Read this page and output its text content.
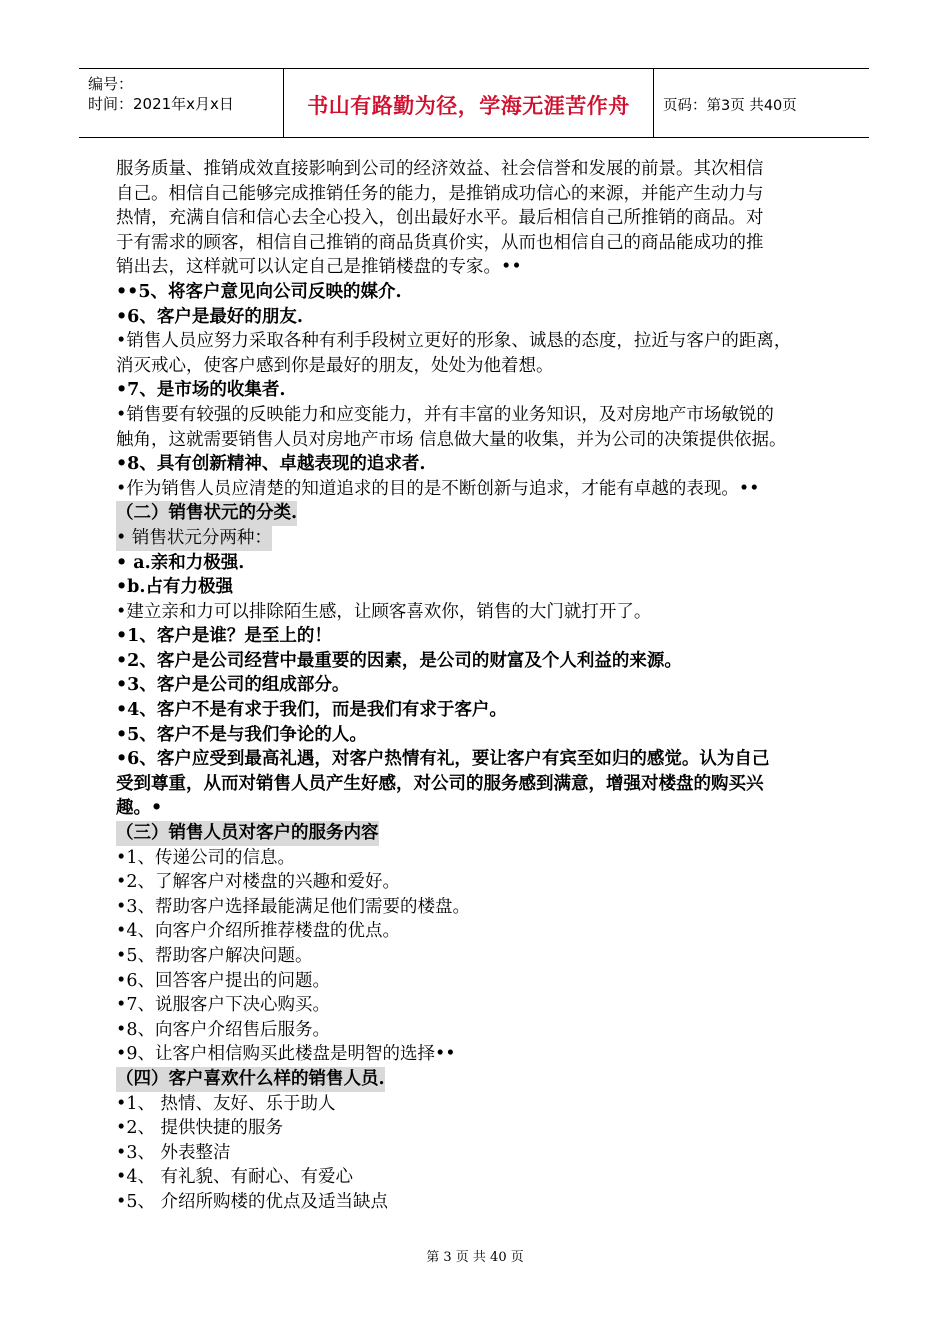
编号：
时间：2021年x月x日	书山有路勤为径，学海无涯苦作舟	页码：第3页 共40页
服务质量、推销成效直接影响到公司的经济效益、社会信誉和发展的前景。其次相信
自己。相信自己能够完成推销任务的能力，是推销成功信心的来源，并能产生动力与
热情，充满自信和信心去全心投入，创出最好水平。最后相信自己所推销的商品。对
于有需求的顾客，相信自己推销的商品货真价实，从而也相信自己的商品能成功的推
销出去，这样就可以认定自己是推销楼盘的专家。••
••5、将客户意见向公司反映的媒介.
•6、客户是最好的朋友.
•销售人员应努力采取各种有利手段树立更好的形象、诚恳的态度，拉近与客户的距离，
消灭戒心，使客户感到你是最好的朋友，处处为他着想。
•7、是市场的收集者.
•销售要有较强的反映能力和应变能力，并有丰富的业务知识，及对房地产市场敏锐的
触角，这就需要销售人员对房地产市场 信息做大量的收集，并为公司的决策提供依据。
•8、具有创新精神、卓越表现的追求者.
•作为销售人员应清楚的知道追求的目的是不断创新与追求，才能有卓越的表现。••
（二）销售状元的分类.
• 销售状元分两种：
• a.亲和力极强.
•b.占有力极强
•建立亲和力可以排除陌生感，让顾客喜欢你，销售的大门就打开了。
•1、客户是谁？是至上的！
•2、客户是公司经营中最重要的因素，是公司的财富及个人利益的来源。
•3、客户是公司的组成部分。
•4、客户不是有求于我们，而是我们有求于客户。
•5、客户不是与我们争论的人。
•6、客户应受到最高礼遇，对客户热情有礼，要让客户有宾至如归的感觉。认为自己
受到尊重，从而对销售人员产生好感，对公司的服务感到满意，增强对楼盘的购买兴
趣。•
（三）销售人员对客户的服务内容
•1、传递公司的信息。
•2、了解客户对楼盘的兴趣和爱好。
•3、帮助客户选择最能满足他们需要的楼盘。
•4、向客户介绍所推荐楼盘的优点。
•5、帮助客户解决问题。
•6、回答客户提出的问题。
•7、说服客户下决心购买。
•8、向客户介绍售后服务。
•9、让客户相信购买此楼盘是明智的选择••
（四）客户喜欢什么样的销售人员.
•1、 热情、友好、乐于助人
•2、 提供快捷的服务
•3、 外表整洁
•4、 有礼貌、有耐心、有爱心
•5、 介绍所购楼的优点及适当缺点
第 3 页 共 40 页
